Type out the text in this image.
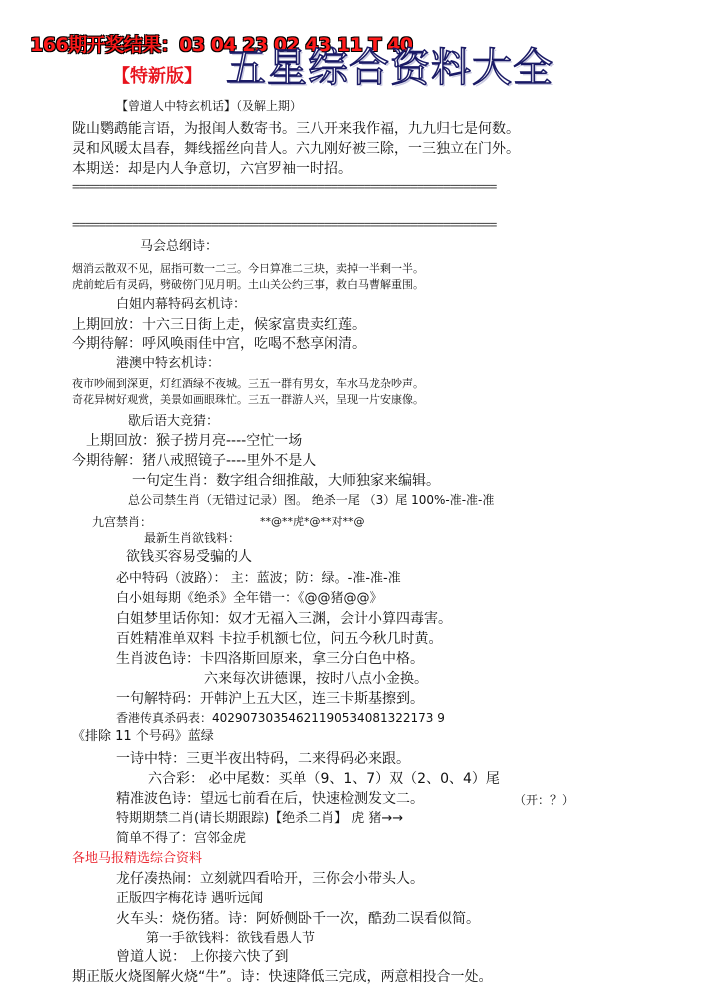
166期开奖结果：03 04 23 02 43 11 T 40
【特新版】 五星综合资料大全
【曾道人中特玄机话】（及解上期）
陇山鹦鹉能言语，为报闺人数寄书。三八开来我作福，九九归七是何数。
灵和风暖太昌春，舞线摇丝向昔人。六九刚好被三除，一三独立在门外。
本期送：却是内人争意切，六宫罗袖一时招。
================================================================
================================================================
马会总纲诗：
烟消云散双不见，屈指可数一二三。今日算准二三块，卖掉一半剩一半。
虎前蛇后有灵码，劈破傍门见月明。土山关公约三事，救白马曹解重围。
白姐内幕特码玄机诗：
上期回放：十六三日街上走，候家富贵卖红莲。
今期待解：呼风唤雨佳中宫，吃喝不愁享闲清。
港澳中特玄机诗：
夜市吵闹到深更，灯红酒绿不夜城。三五一群有男女，车水马龙杂吵声。
奇花异树好观赏，美景如画眼珠忙。三五一群游人兴，呈现一片安康像。
歇后语大竞猜：
上期回放：猴子捞月亮----空忙一场
今期待解：猪八戒照镜子----里外不是人
一句定生肖：数字组合细推敲，大师独家来编辑。
总公司禁生肖（无错过记录）图。 绝杀一尾 （3）尾 100%-准-准-准
九宫禁肖：	**@**虎*@**对**@
最新生肖欲钱料：
欲钱买容易受骗的人
必中特码（波路）： 主：蓝波；防：绿。-准-准-准
白小姐每期《绝杀》全年错一：《@@猪@@》
白姐梦里话你知：奴才无福入三渊，会计小算四毒害。
百姓精准单双料 卡拉手机额七位，问五今秋几时黄。
生肖波色诗：卡四洛斯回原来，拿三分白色中格。
六来每次讲德课，按时八点小金换。
一句解特码：开韩沪上五大区，连三卡斯基擦到。
香港传真杀码表：40290730354621190534081322173 9
《排除 11 个号码》蓝绿
一诗中特：三更半夜出特码，二来得码必来跟。
六合彩： 必中尾数：买单（9、1、7）双（2、0、4）尾
精准波色诗：望远七前看在后，快速检测发文二。	（开：？）
特期期禁二肖(请长期跟踪)【绝杀二肖】 虎 猪→→
简单不得了：宫邻金虎
各地马报精选综合资料
龙仔凑热闹：立刻就四看哈开，三你会小带头人。
正版四字梅花诗 遇听远闻
火车头：烧伤猪。诗：阿娇侧卧千一次，酷劲二误看似简。
第一手欲钱料：欲钱看愚人节
曾道人说： 上你接六快了到
期正版火烧图解火烧“牛”。诗：快速降低三完成，两意相投合一处。
